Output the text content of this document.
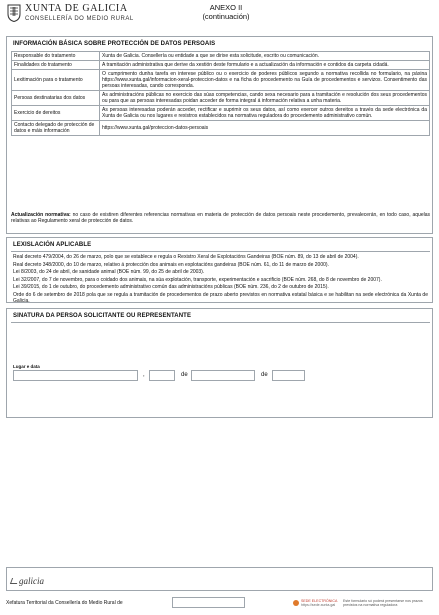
XUNTA DE GALICIA
CONSELLERÍA DO MEDIO RURAL
ANEXO II
(continuación)
INFORMACIÓN BÁSICA SOBRE PROTECCIÓN DE DATOS PERSOAIS
Responsable do tratamento	Xunta de Galicia. Consellería ou entidade a que se dirixe esta solicitude, escrito ou comunicación.
Finalidades do tratamento	A tramitación administrativa que derive da xestión deste formulario e a actualización da información e contidos da carpeta cidadá.
Lexitimación para o tratamento	O cumprimento dunha tarefa en interese público ou o exercicio de poderes públicos segundo a normativa recollida no formulario, na páxina https://www.xunta.gal/informacion-xeral-proteccion-datos e na ficha do procedemento na Guía de procedementos e servizos. Consentimento das persoas interesadas, cando corresponda.
Persoas destinatarias dos datos	As administracións públicas no exercicio das súas competencias, cando sexa necesario para a tramitación e resolución dos seus procedementos ou para que as persoas interesadas poidan acceder de forma integral á información relativa a unha materia.
Exercicio de dereitos	As persoas interesadas poderán acceder, rectificar e suprimir os seus datos, así como exercer outros dereitos a través da sede electrónica da Xunta de Galicia ou nos lugares e rexistros establecidos na normativa reguladora do procedemento administrativo común.
Contacto delegado de protección de datos e máis información	https://www.xunta.gal/proteccion-datos-persoais
Actualización normativa: no caso de existiren diferentes referencias normativas en materia de protección de datos persoais neste procedemento, prevalecerán, en todo caso, aquelas relativas ao Regulamento xeral de protección de datos.
LEXISLACIÓN APLICABLE
Real decreto 479/2004, do 26 de marzo, polo que se establece e regula o Rexistro Xeral de Explotacións Gandeiras (BOE núm. 89, do 13 de abril de 2004).
Real decreto 348/2000, do 10 de marzo, relativo á protección dos animais en explotacións gandeiras (BOE núm. 61, do 11 de marzo de 2000).
Lei 8/2003, do 24 de abril, de sanidade animal (BOE núm. 99, do 25 de abril de 2003).
Lei 32/2007, do 7 de novembro, para o coidado dos animais, na súa explotación, transporte, experimentación e sacrificio (BOE núm. 268, do 8 de novembro de 2007).
Lei 39/2015, do 1 de outubro, do procedemento administrativo común das administracións públicas (BOE núm. 236, do 2 de outubro de 2015).
Orde do 6 de setembro de 2018 pola que se regula a tramitación de procedementos de prazo aberto previstos en normativa estatal básica e se habilitan na sede electrónica da Xunta de Galicia.
SINATURA DA PERSOA SOLICITANTE OU REPRESENTANTE
Lugar e data
,	de	de
galicia
Xefatura Territorial da Consellería do Medio Rural de	SEDE ELECTRÓNICA
https://sede.xunta.gal
Este formulario só poderá presentarse nos prazos previstos na normativa reguladora
